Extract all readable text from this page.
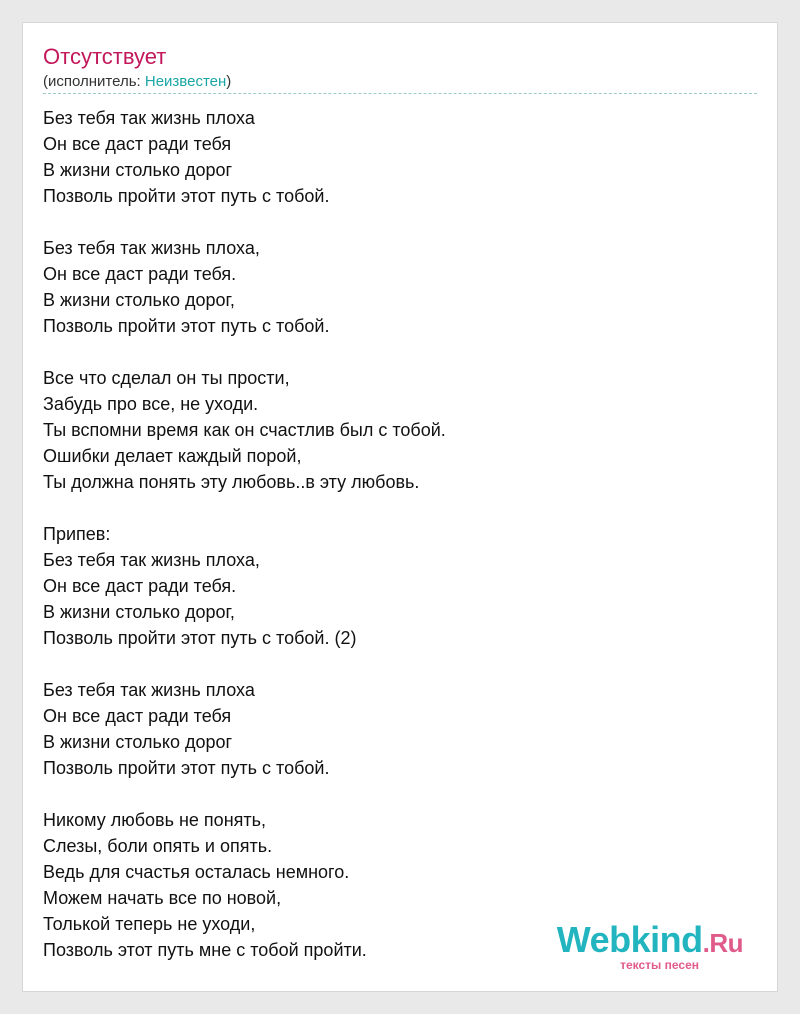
Отсутствует
(исполнитель: Неизвестен)
Без тебя так жизнь плоха
Он все даст ради тебя
В жизни столько дорог
Позволь пройти этот путь с тобой.
Без тебя так жизнь плоха,
Он все даст ради тебя.
В жизни столько дорог,
Позволь пройти этот путь с тобой.
Все что сделал он ты прости,
Забудь про все, не уходи.
Ты вспомни время как он счастлив был с тобой.
Ошибки делает каждый порой,
Ты должна понять эту любовь..в эту любовь.
Припев:
Без тебя так жизнь плоха,
Он все даст ради тебя.
В жизни столько дорог,
Позволь пройти этот путь с тобой. (2)
Без тебя так жизнь плоха
Он все даст ради тебя
В жизни столько дорог
Позволь пройти этот путь с тобой.
Никому любовь не понять,
Слезы, боли опять и опять.
Ведь для счастья осталась немного.
Можем начать все по новой,
Толькой теперь не уходи,
Позволь этот путь мне с тобой пройти.	Webkind.Ru
тексты песен
